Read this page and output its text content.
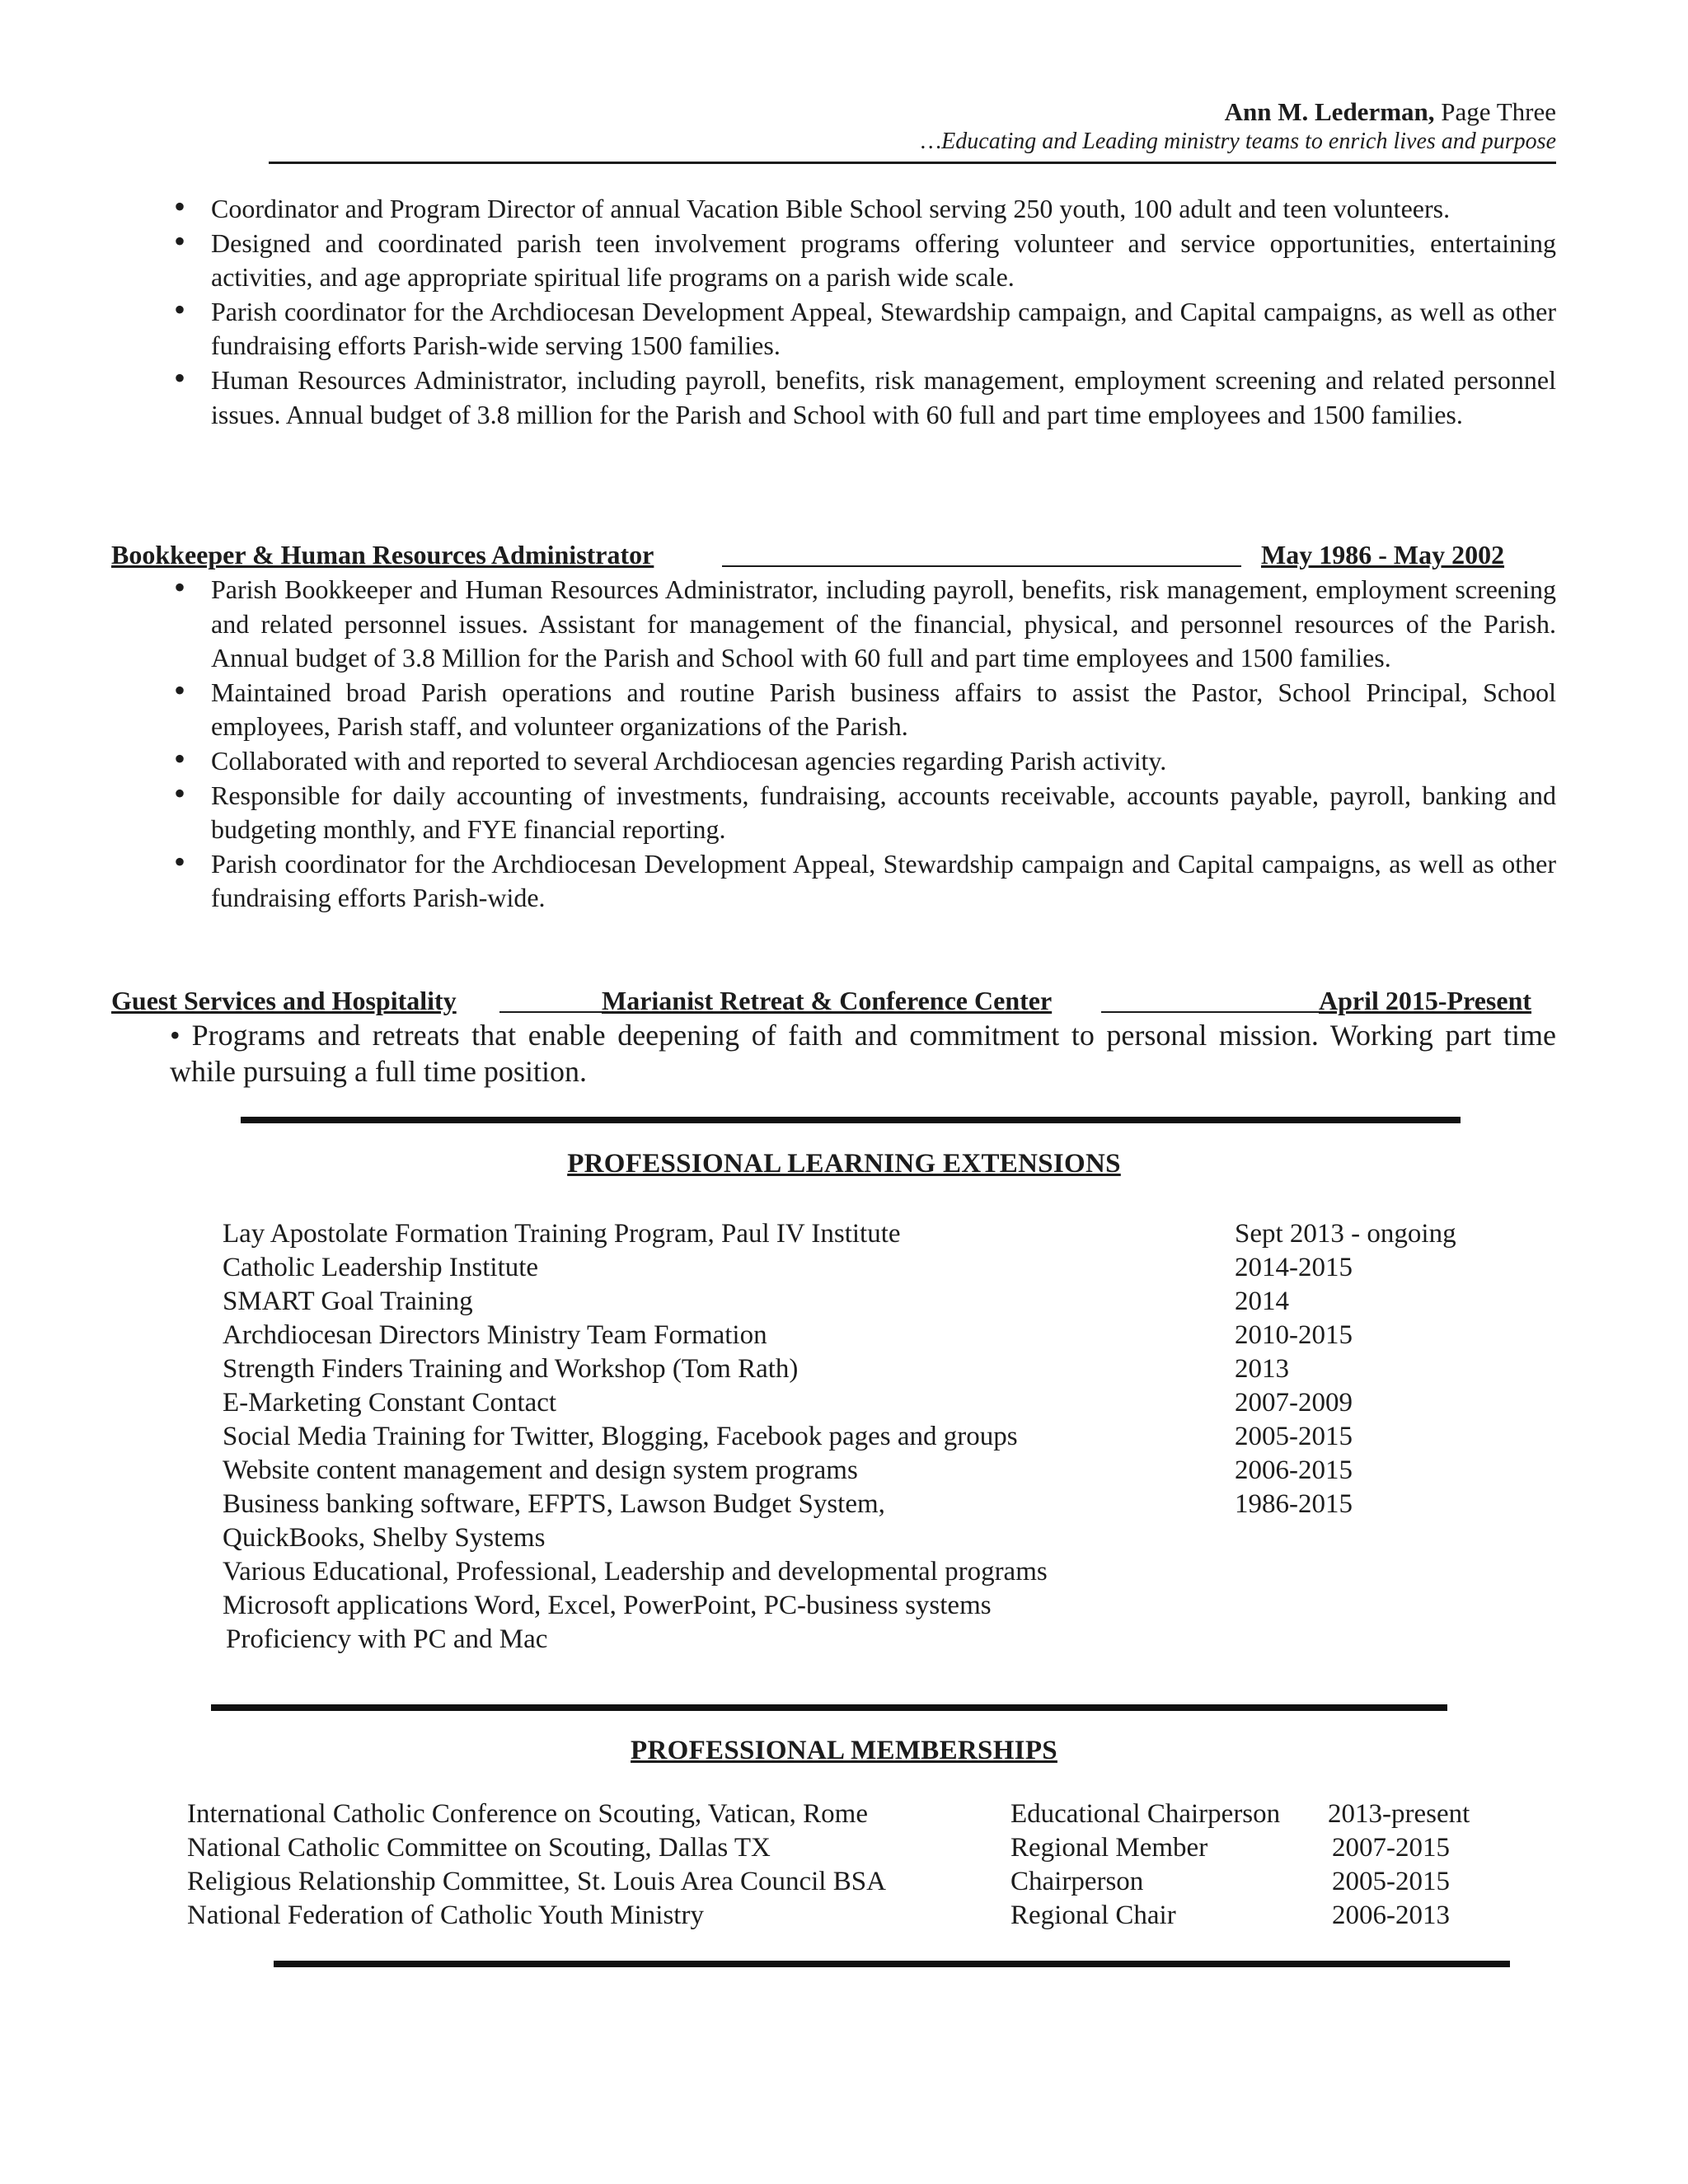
Ann M. Lederman, Page Three
…Educating and Leading ministry teams to enrich lives and purpose
• Coordinator and Program Director of annual Vacation Bible School serving 250 youth, 100 adult and teen volunteers.
• Designed and coordinated parish teen involvement programs offering volunteer and service opportunities, entertaining activities, and age appropriate spiritual life programs on a parish wide scale.
• Parish coordinator for the Archdiocesan Development Appeal, Stewardship campaign, and Capital campaigns, as well as other fundraising efforts Parish-wide serving 1500 families.
• Human Resources Administrator, including payroll, benefits, risk management, employment screening and related personnel issues. Annual budget of 3.8 million for the Parish and School with 60 full and part time employees and 1500 families.
Bookkeeper & Human Resources Administrator	May 1986 - May 2002
• Parish Bookkeeper and Human Resources Administrator, including payroll, benefits, risk management, employment screening and related personnel issues. Assistant for management of the financial, physical, and personnel resources of the Parish. Annual budget of 3.8 Million for the Parish and School with 60 full and part time employees and 1500 families.
• Maintained broad Parish operations and routine Parish business affairs to assist the Pastor, School Principal, School employees, Parish staff, and volunteer organizations of the Parish.
• Collaborated with and reported to several Archdiocesan agencies regarding Parish activity.
• Responsible for daily accounting of investments, fundraising, accounts receivable, accounts payable, payroll, banking and budgeting monthly, and FYE financial reporting.
• Parish coordinator for the Archdiocesan Development Appeal, Stewardship campaign and Capital campaigns, as well as other fundraising efforts Parish-wide.
Guest Services and Hospitality	Marianist Retreat & Conference Center	April 2015-Present
• Programs and retreats that enable deepening of faith and commitment to personal mission. Working part time while pursuing a full time position.
PROFESSIONAL LEARNING EXTENSIONS
Lay Apostolate Formation Training Program, Paul IV Institute	Sept 2013 - ongoing
Catholic Leadership Institute	2014-2015
SMART Goal Training	2014
Archdiocesan Directors Ministry Team Formation	2010-2015
Strength Finders Training and Workshop (Tom Rath)	2013
E-Marketing Constant Contact	2007-2009
Social Media Training for Twitter, Blogging, Facebook pages and groups	2005-2015
Website content management and design system programs	2006-2015
Business banking software, EFPTS, Lawson Budget System,	1986-2015
QuickBooks, Shelby Systems
Various Educational, Professional, Leadership and developmental programs
Microsoft applications Word, Excel, PowerPoint, PC-business systems
Proficiency with PC and Mac
PROFESSIONAL MEMBERSHIPS
International Catholic Conference on Scouting, Vatican, Rome	Educational Chairperson 2013-present
National Catholic Committee on Scouting, Dallas TX	Regional Member	2007-2015
Religious Relationship Committee, St. Louis Area Council BSA	Chairperson	2005-2015
National Federation of Catholic Youth Ministry	Regional Chair	2006-2013
